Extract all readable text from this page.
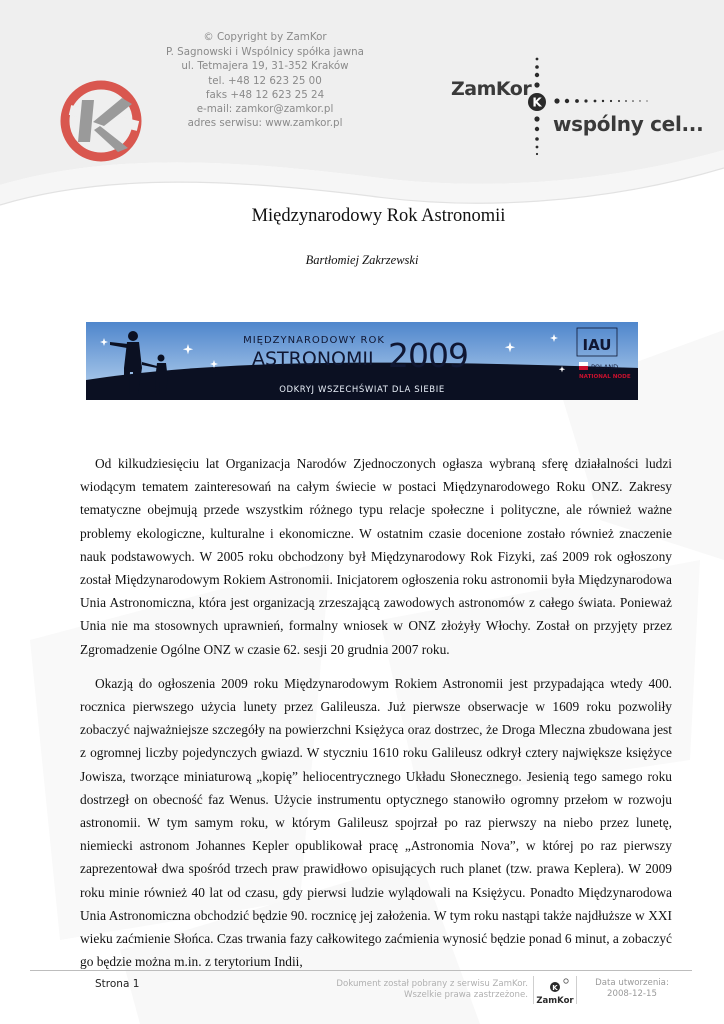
© Copyright by ZamKor
P. Sagnowski i Wspólnicy spółka jawna
ul. Tetmajera 19, 31-352 Kraków
tel. +48 12 623 25 00
faks +48 12 623 25 24
e-mail: zamkor@zamkor.pl
adres serwisu: www.zamkor.pl
K
ZamKor
wspólny cel...
Międzynarodowy Rok Astronomii
Bartłomiej Zakrzewski
MIĘDZYNARODOWY ROK
ASTRONOMII 2009
ODKRYJ WSZECHŚWIAT DLA SIEBIE
IAU
POLAND
NATIONAL NODE

Od kilkudziesięciu lat Organizacja Narodów Zjednoczonych ogłasza wybraną sferę działalności ludzi wiodącym tematem zainteresowań na całym świecie w postaci Międzynarodowego Roku ONZ. Zakresy tematyczne obejmują przede wszystkim różnego typu relacje społeczne i polityczne, ale również ważne problemy ekologiczne, kulturalne i ekonomiczne. W ostatnim czasie docenione zostało również znaczenie nauk podstawowych. W 2005 roku obchodzony był Międzynarodowy Rok Fizyki, zaś 2009 rok ogłoszony został Międzynarodowym Rokiem Astronomii. Inicjatorem ogłoszenia roku astronomii była Międzynarodowa Unia Astronomiczna, która jest organizacją zrzeszającą zawodowych astronomów z całego świata. Ponieważ Unia nie ma stosownych uprawnień, formalny wniosek w ONZ złożyły Włochy. Został on przyjęty przez Zgromadzenie Ogólne ONZ w czasie 62. sesji 20 grudnia 2007 roku.

Okazją do ogłoszenia 2009 roku Międzynarodowym Rokiem Astronomii jest przypadająca wtedy 400. rocznica pierwszego użycia lunety przez Galileusza. Już pierwsze obserwacje w 1609 roku pozwoliły zobaczyć najważniejsze szczegóły na powierzchni Księżyca oraz dostrzec, że Droga Mleczna zbudowana jest z ogromnej liczby pojedynczych gwiazd. W styczniu 1610 roku Galileusz odkrył cztery największe księżyce Jowisza, tworzące miniaturową „kopię” heliocentrycznego Układu Słonecznego. Jesienią tego samego roku dostrzegł on obecność faz Wenus. Użycie instrumentu optycznego stanowiło ogromny przełom w rozwoju astronomii. W tym samym roku, w którym Galileusz spojrzał po raz pierwszy na niebo przez lunetę, niemiecki astronom Johannes Kepler opublikował pracę „Astronomia Nova”, w której po raz pierwszy zaprezentował dwa spośród trzech praw prawidłowo opisujących ruch planet (tzw. prawa Keplera). W 2009 roku minie również 40 lat od czasu, gdy pierwsi ludzie wylądowali na Księżycu. Ponadto Międzynarodowa Unia Astronomiczna obchodzić będzie 90. rocznicę jej założenia. W tym roku nastąpi także najdłuższe w XXI wieku zaćmienie Słońca. Czas trwania fazy całkowitego zaćmienia wynosić będzie ponad 6 minut, a zobaczyć go będzie można m.in. z terytorium Indii,

Strona 1	Dokument został pobrany z serwisu ZamKor.
Wszelkie prawa zastrzeżone.
K
ZamKor
Data utworzenia:
2008-12-15
